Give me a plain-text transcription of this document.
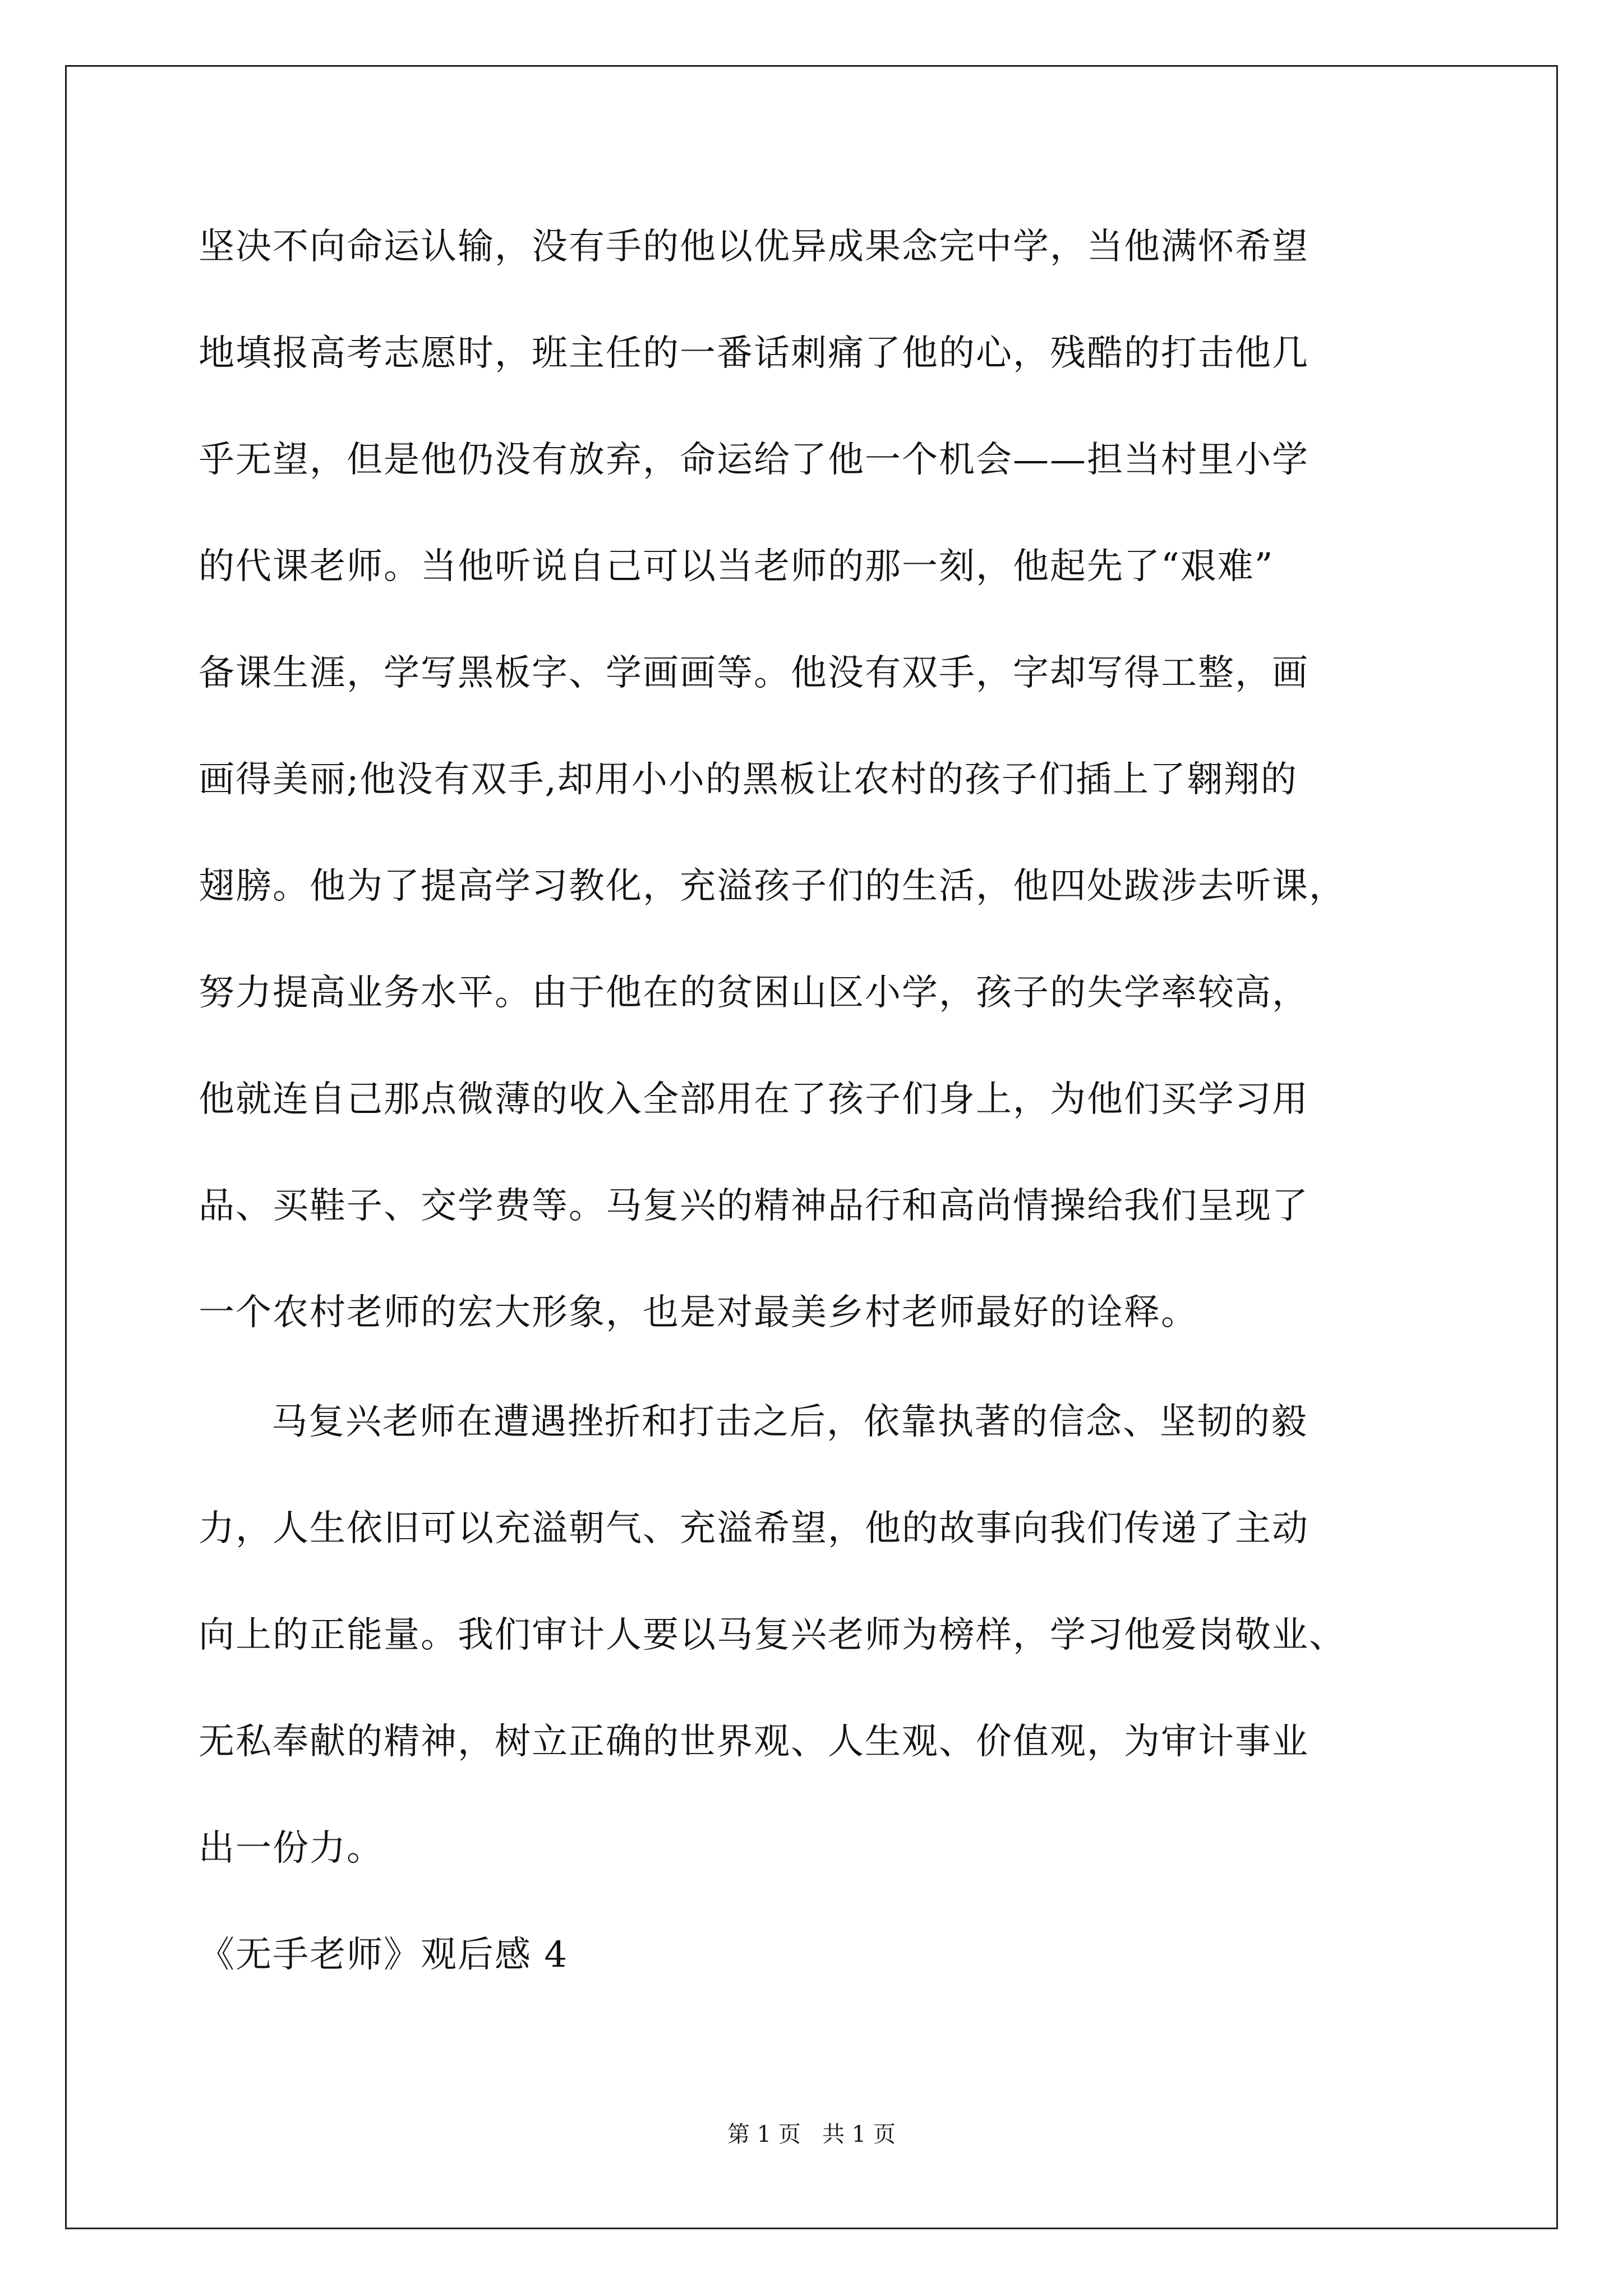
坚决不向命运认输，没有手的他以优异成果念完中学，当他满怀希望
地填报高考志愿时，班主任的一番话刺痛了他的心，残酷的打击他几
乎无望，但是他仍没有放弃，命运给了他一个机会——担当村里小学
的代课老师。当他听说自己可以当老师的那一刻，他起先了“艰难”
备课生涯，学写黑板字、学画画等。他没有双手，字却写得工整，画
画得美丽;他没有双手,却用小小的黑板让农村的孩子们插上了翱翔的
翅膀。他为了提高学习教化，充溢孩子们的生活，他四处跋涉去听课，
努力提高业务水平。由于他在的贫困山区小学，孩子的失学率较高，
他就连自己那点微薄的收入全部用在了孩子们身上，为他们买学习用
品、买鞋子、交学费等。马复兴的精神品行和高尚情操给我们呈现了
一个农村老师的宏大形象，也是对最美乡村老师最好的诠释。
马复兴老师在遭遇挫折和打击之后，依靠执著的信念、坚韧的毅
力，人生依旧可以充溢朝气、充溢希望，他的故事向我们传递了主动
向上的正能量。我们审计人要以马复兴老师为榜样，学习他爱岗敬业、
无私奉献的精神，树立正确的世界观、人生观、价值观，为审计事业
出一份力。
《无手老师》观后感 4
第 1 页   共 1 页
